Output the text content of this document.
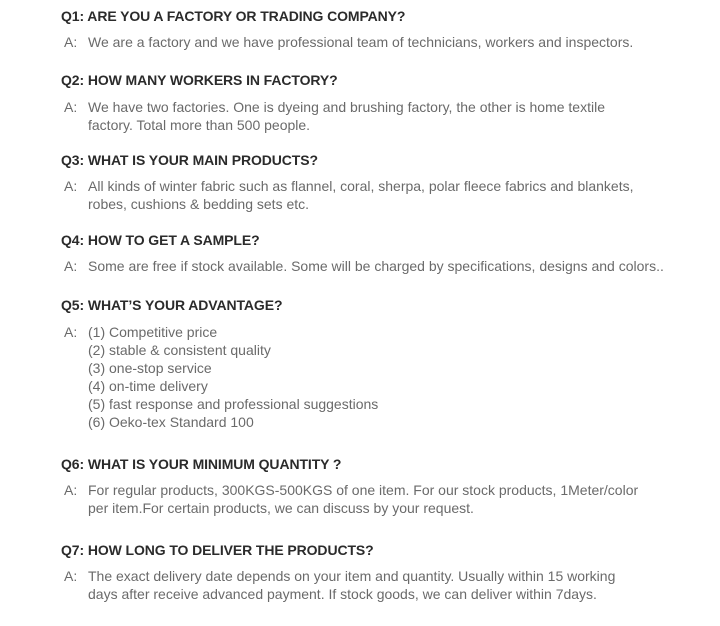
Q1: ARE YOU A FACTORY OR TRADING COMPANY?
A: We are a factory and we have professional team of technicians, workers and inspectors.
Q2: HOW MANY WORKERS IN FACTORY?
A: We have two factories. One is dyeing and brushing factory, the other is home textile
factory. Total more than 500 people.
Q3: WHAT IS YOUR MAIN PRODUCTS?
A: All kinds of winter fabric such as flannel, coral, sherpa, polar fleece fabrics and blankets,
robes, cushions & bedding sets etc.
Q4: HOW TO GET A SAMPLE?
A: Some are free if stock available. Some will be charged by specifications, designs and colors..
Q5: WHAT’S YOUR ADVANTAGE?
A: (1) Competitive price
(2) stable & consistent quality
(3) one-stop service
(4) on-time delivery
(5) fast response and professional suggestions
(6) Oeko-tex Standard 100
Q6: WHAT IS YOUR MINIMUM QUANTITY ?
A: For regular products, 300KGS-500KGS of one item. For our stock products, 1Meter/color
per item.For certain products, we can discuss by your request.
Q7: HOW LONG TO DELIVER THE PRODUCTS?
A: The exact delivery date depends on your item and quantity. Usually within 15 working
days after receive advanced payment. If stock goods, we can deliver within 7days.
